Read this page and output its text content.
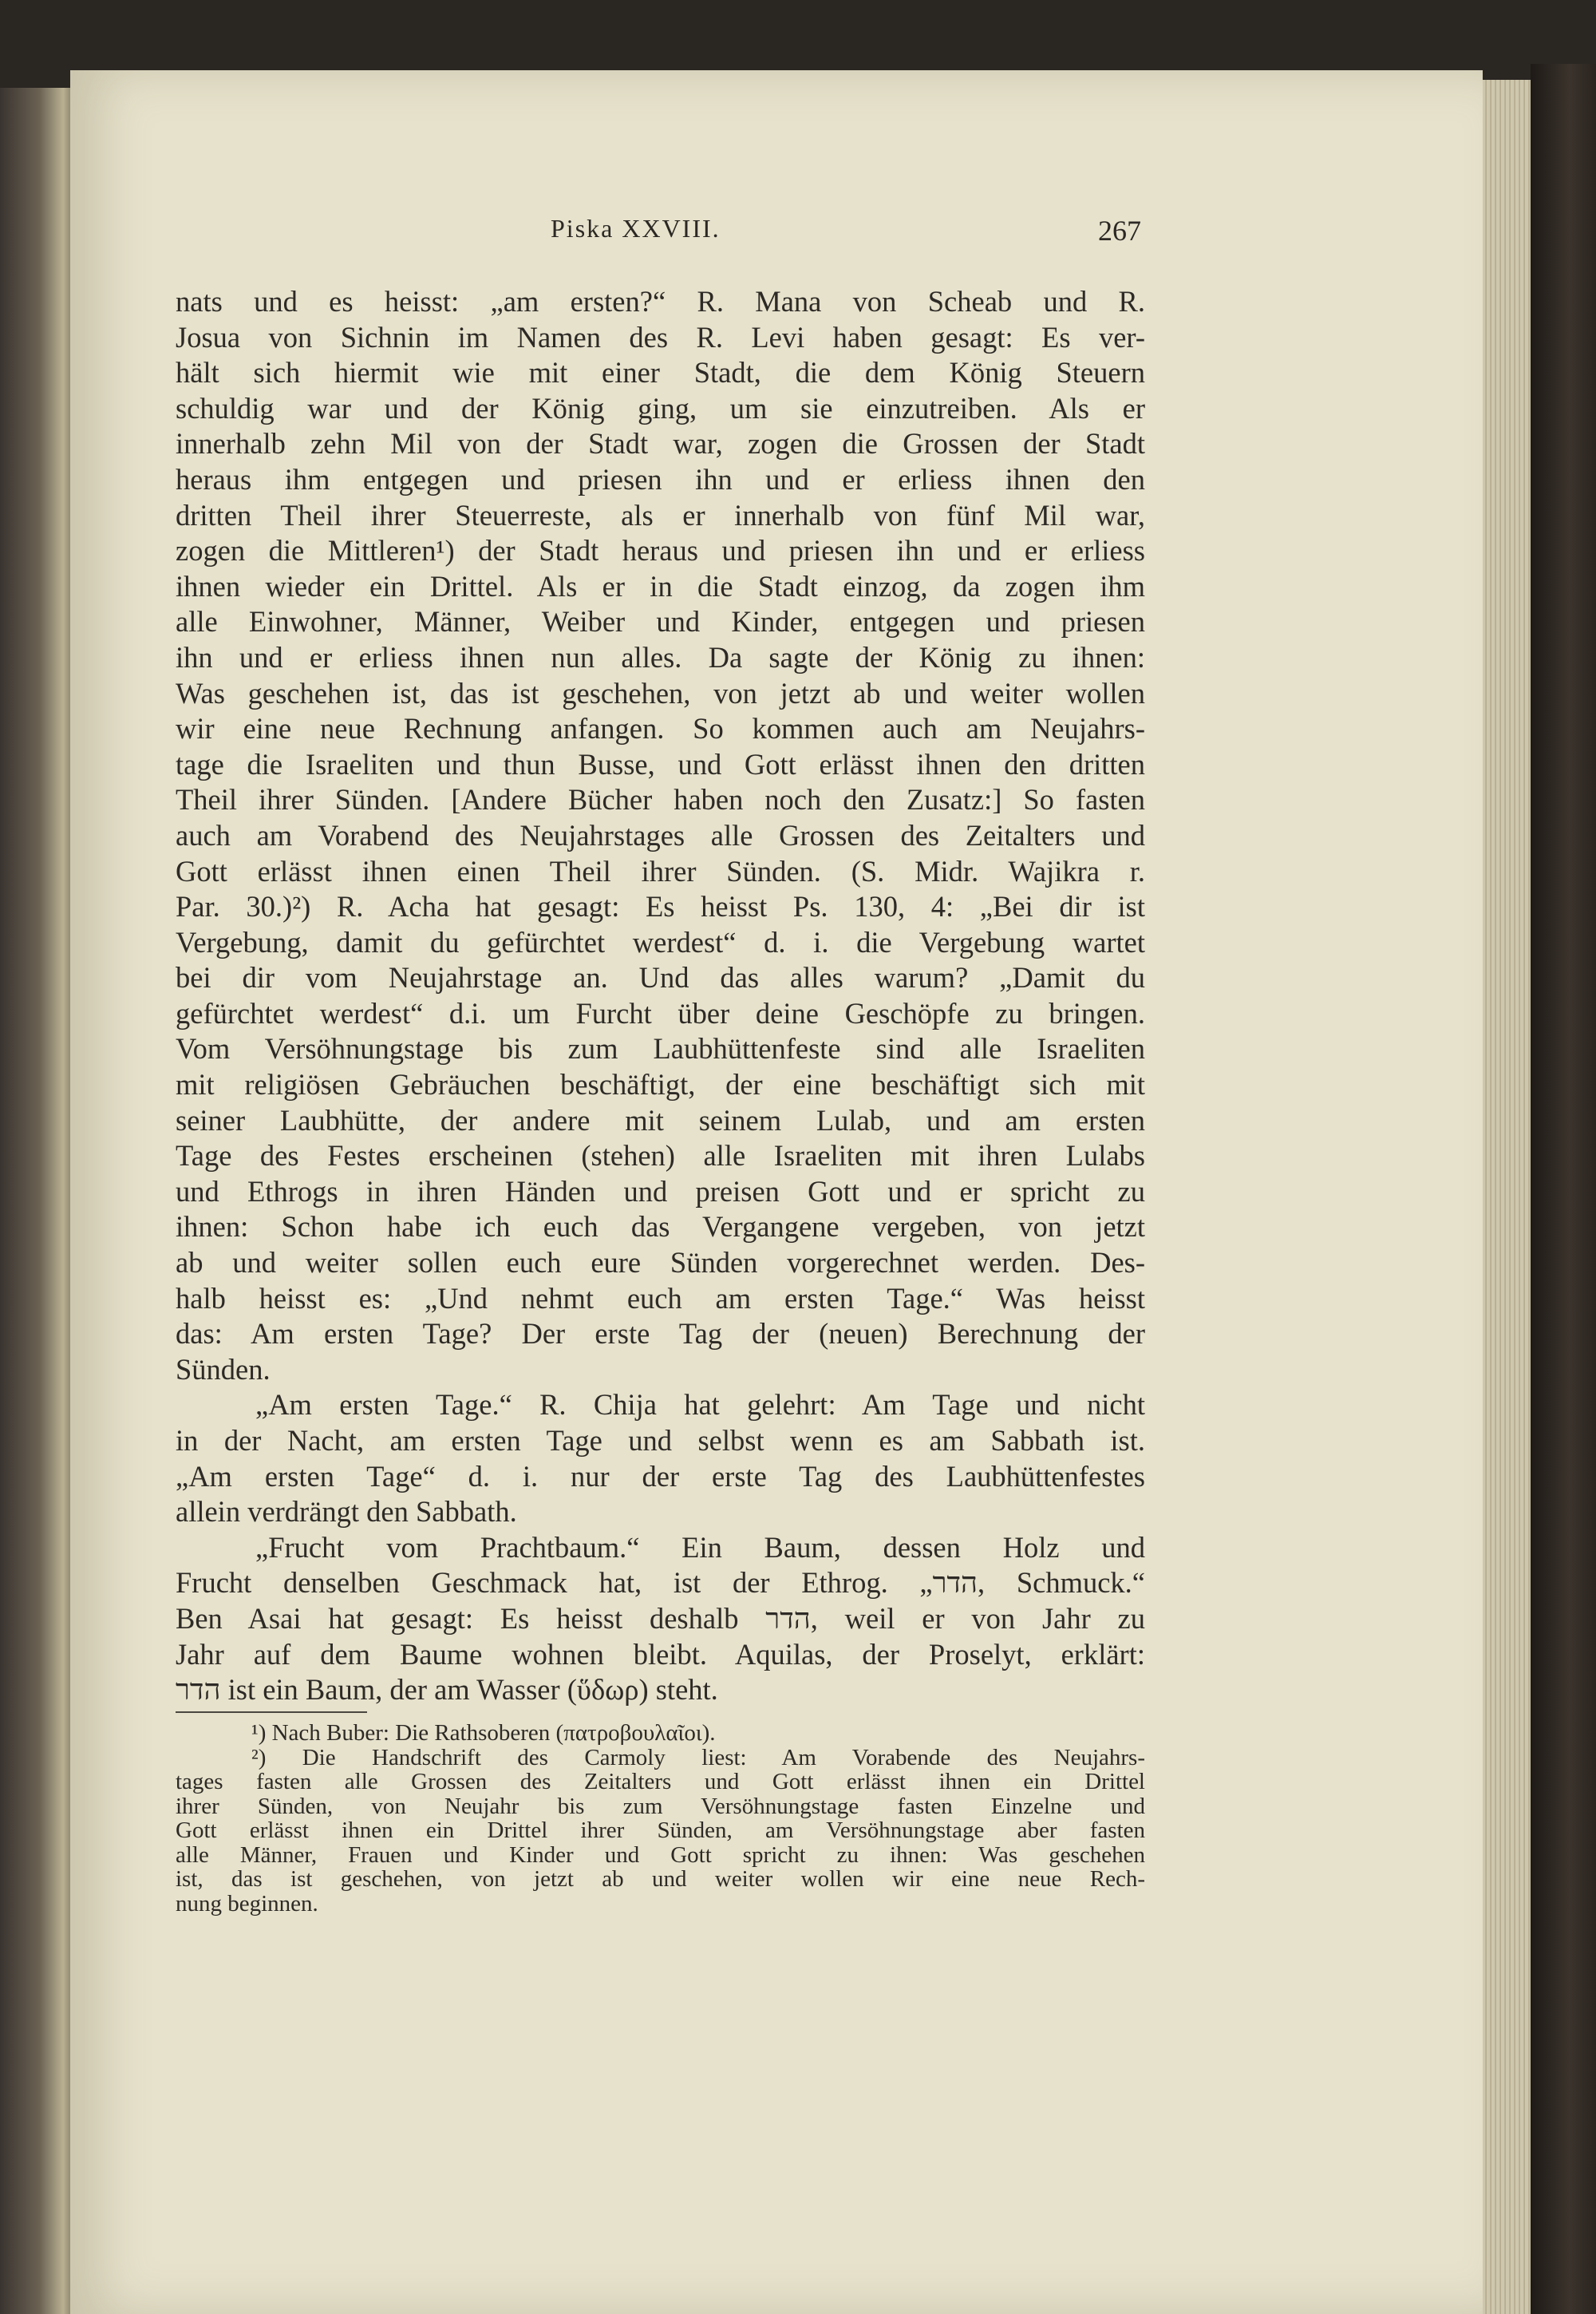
Piska XXVIII.	267
nats und es heisst: „am ersten?“ R. Mana von Scheab und R.
Josua von Sichnin im Namen des R. Levi haben gesagt: Es ver-
hält sich hiermit wie mit einer Stadt, die dem König Steuern
schuldig war und der König ging, um sie einzutreiben. Als er
innerhalb zehn Mil von der Stadt war, zogen die Grossen der Stadt
heraus ihm entgegen und priesen ihn und er erliess ihnen den
dritten Theil ihrer Steuerreste, als er innerhalb von fünf Mil war,
zogen die Mittleren¹) der Stadt heraus und priesen ihn und er erliess
ihnen wieder ein Drittel. Als er in die Stadt einzog, da zogen ihm
alle Einwohner, Männer, Weiber und Kinder, entgegen und priesen
ihn und er erliess ihnen nun alles. Da sagte der König zu ihnen:
Was geschehen ist, das ist geschehen, von jetzt ab und weiter wollen
wir eine neue Rechnung anfangen. So kommen auch am Neujahrs-
tage die Israeliten und thun Busse, und Gott erlässt ihnen den dritten
Theil ihrer Sünden. [Andere Bücher haben noch den Zusatz:] So fasten
auch am Vorabend des Neujahrstages alle Grossen des Zeitalters und
Gott erlässt ihnen einen Theil ihrer Sünden. (S. Midr. Wajikra r.
Par. 30.)²) R. Acha hat gesagt: Es heisst Ps. 130, 4: „Bei dir ist
Vergebung, damit du gefürchtet werdest“ d. i. die Vergebung wartet
bei dir vom Neujahrstage an. Und das alles warum? „Damit du
gefürchtet werdest“ d.i. um Furcht über deine Geschöpfe zu bringen.
Vom Versöhnungstage bis zum Laubhüttenfeste sind alle Israeliten
mit religiösen Gebräuchen beschäftigt, der eine beschäftigt sich mit
seiner Laubhütte, der andere mit seinem Lulab, und am ersten
Tage des Festes erscheinen (stehen) alle Israeliten mit ihren Lulabs
und Ethrogs in ihren Händen und preisen Gott und er spricht zu
ihnen: Schon habe ich euch das Vergangene vergeben, von jetzt
ab und weiter sollen euch eure Sünden vorgerechnet werden. Des-
halb heisst es: „Und nehmt euch am ersten Tage.“ Was heisst
das: Am ersten Tage? Der erste Tag der (neuen) Berechnung der
Sünden.
„Am ersten Tage.“ R. Chija hat gelehrt: Am Tage und nicht
in der Nacht, am ersten Tage und selbst wenn es am Sabbath ist.
„Am ersten Tage“ d. i. nur der erste Tag des Laubhüttenfestes
allein verdrängt den Sabbath.
„Frucht vom Prachtbaum.“ Ein Baum, dessen Holz und
Frucht denselben Geschmack hat, ist der Ethrog. „הדר, Schmuck.“
Ben Asai hat gesagt: Es heisst deshalb הדר, weil er von Jahr zu
Jahr auf dem Baume wohnen bleibt. Aquilas, der Proselyt, erklärt:
הדר ist ein Baum, der am Wasser (ὕδωρ) steht.
¹) Nach Buber: Die Rathsoberen (πατροβουλαῖοι).
²) Die Handschrift des Carmoly liest: Am Vorabende des Neujahrs-
tages fasten alle Grossen des Zeitalters und Gott erlässt ihnen ein Drittel
ihrer Sünden, von Neujahr bis zum Versöhnungstage fasten Einzelne und
Gott erlässt ihnen ein Drittel ihrer Sünden, am Versöhnungstage aber fasten
alle Männer, Frauen und Kinder und Gott spricht zu ihnen: Was geschehen
ist, das ist geschehen, von jetzt ab und weiter wollen wir eine neue Rech-
nung beginnen.
